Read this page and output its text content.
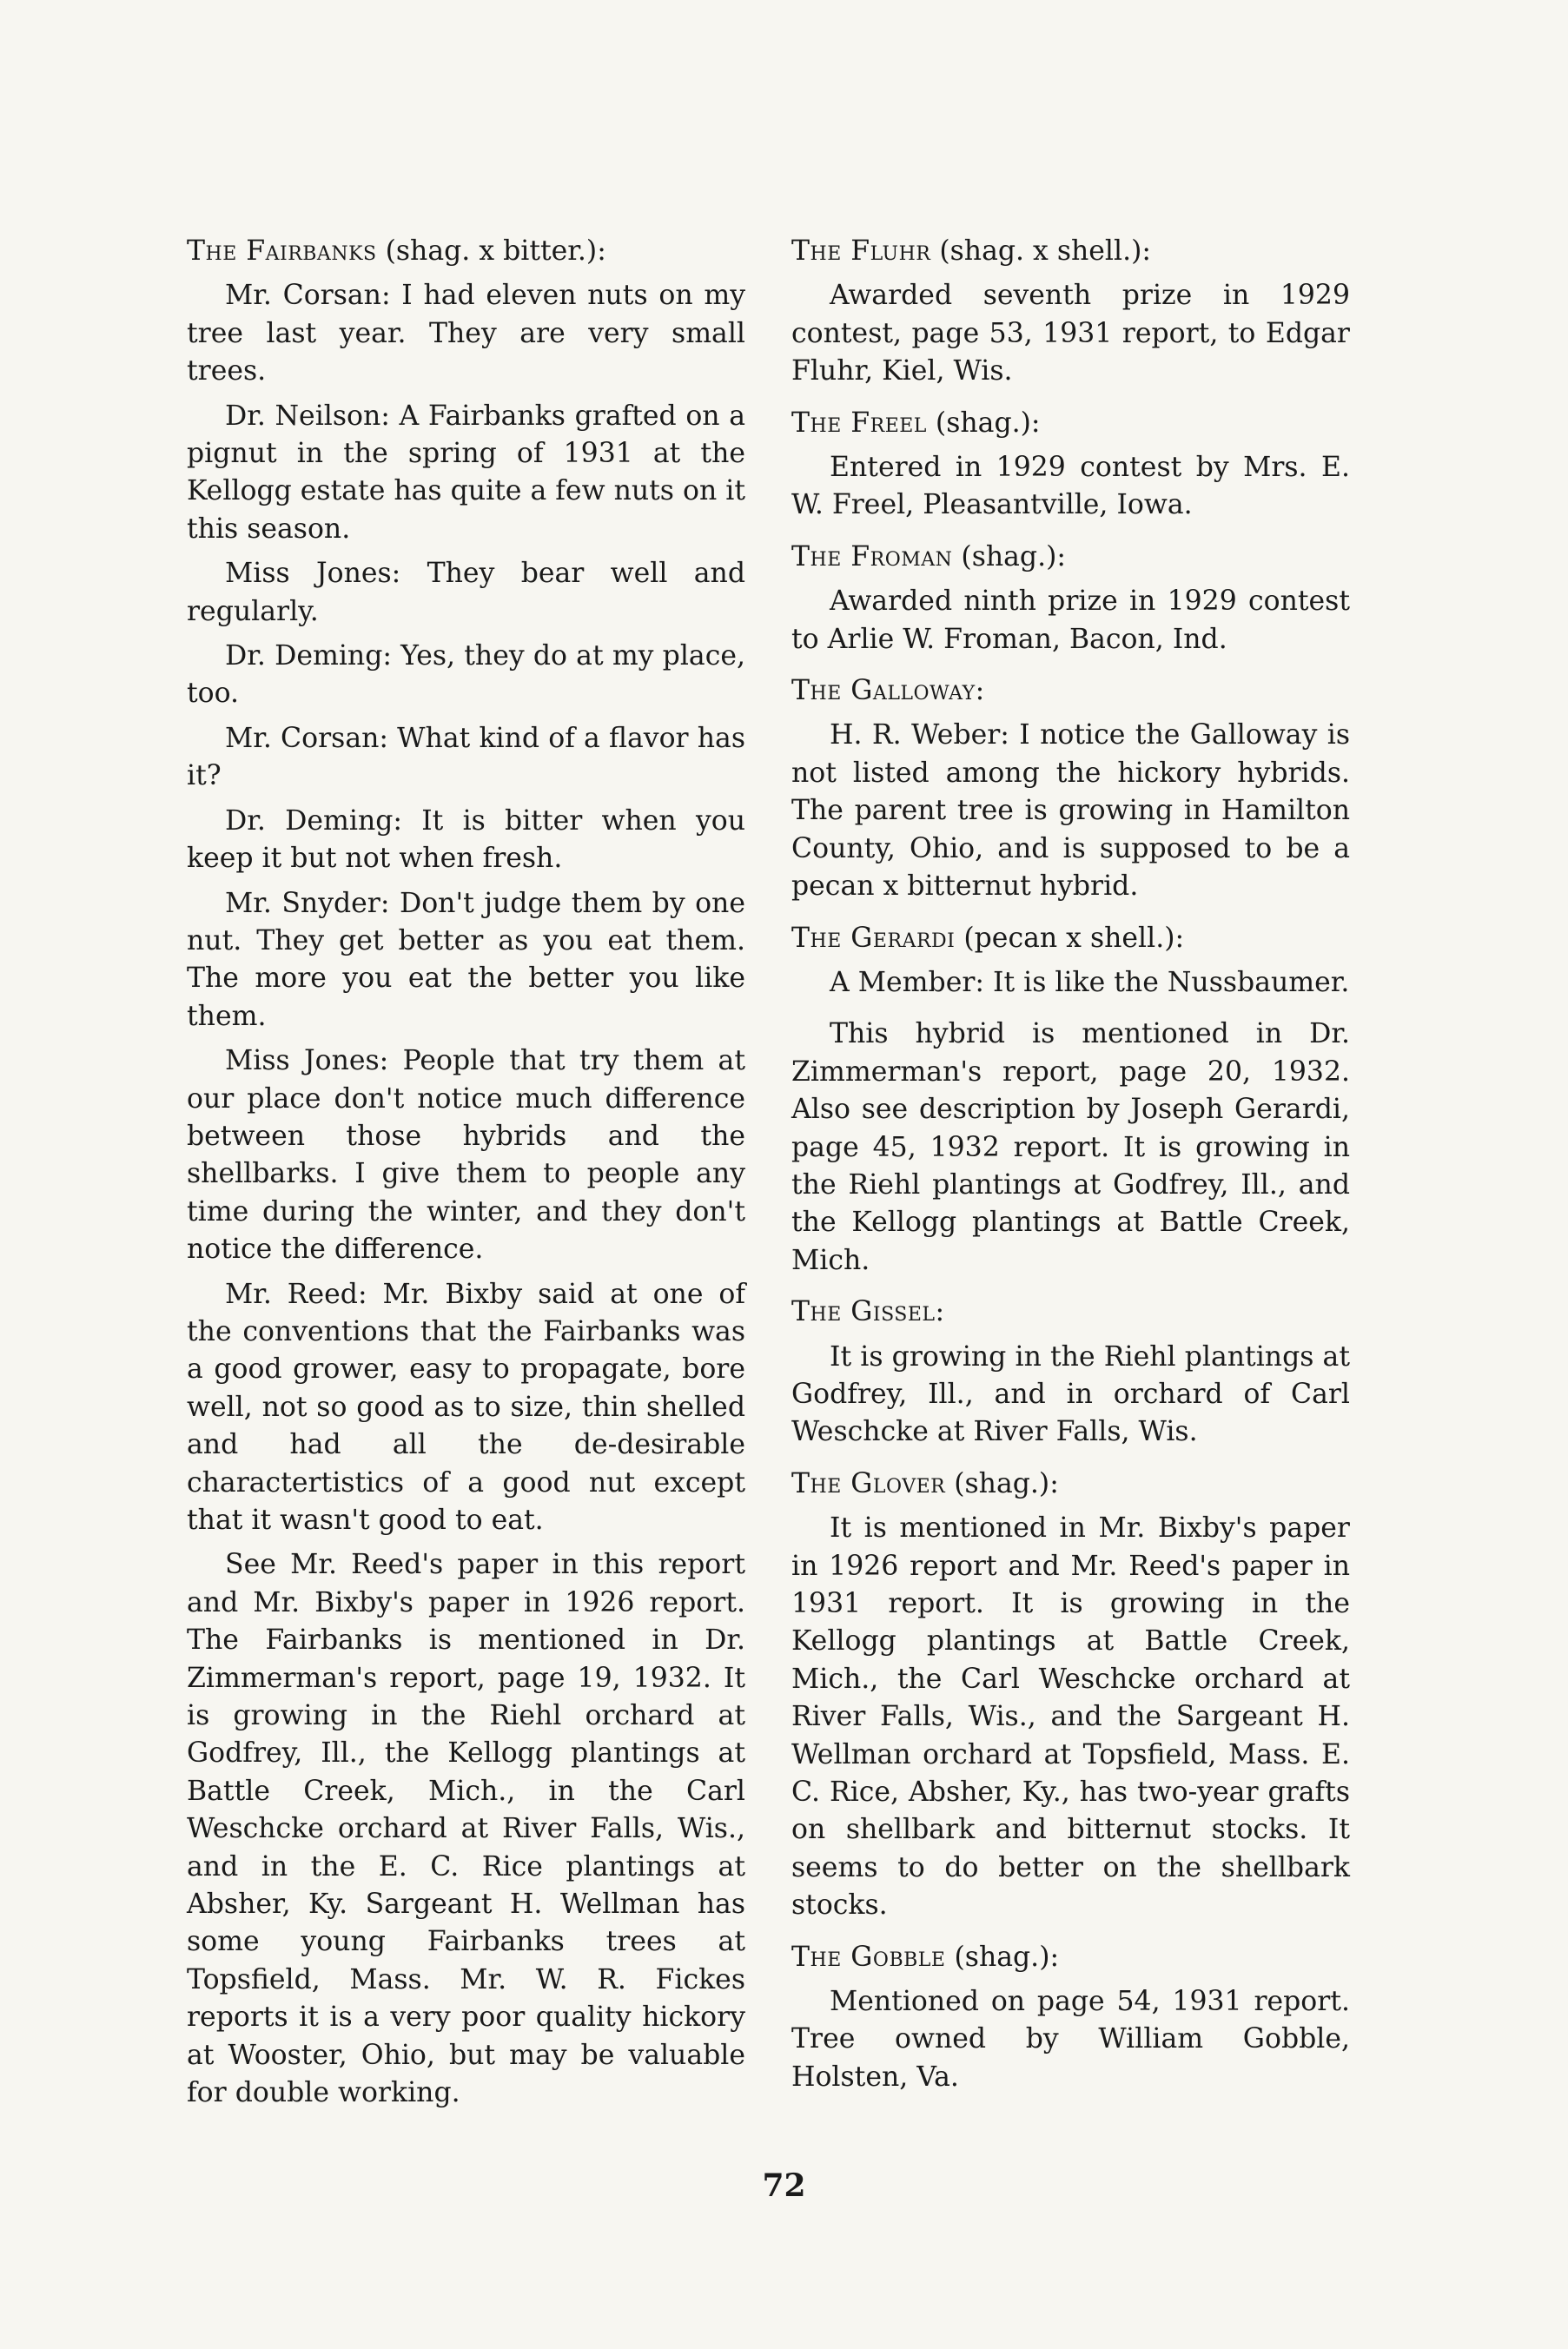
The Fairbanks (shag. x bitter.):

Mr. Corsan: I had eleven nuts on my tree last year. They are very small trees.

Dr. Neilson: A Fairbanks grafted on a pignut in the spring of 1931 at the Kellogg estate has quite a few nuts on it this season.

Miss Jones: They bear well and regularly.

Dr. Deming: Yes, they do at my place, too.

Mr. Corsan: What kind of a flavor has it?

Dr. Deming: It is bitter when you keep it but not when fresh.

Mr. Snyder: Don't judge them by one nut. They get better as you eat them. The more you eat the better you like them.

Miss Jones: People that try them at our place don't notice much difference between those hybrids and the shellbarks. I give them to people any time during the winter, and they don't notice the difference.

Mr. Reed: Mr. Bixby said at one of the conventions that the Fairbanks was a good grower, easy to propagate, bore well, not so good as to size, thin shelled and had all the de-desirable charactertistics of a good nut except that it wasn't good to eat.

See Mr. Reed's paper in this report and Mr. Bixby's paper in 1926 report. The Fairbanks is mentioned in Dr. Zimmerman's report, page 19, 1932. It is growing in the Riehl orchard at Godfrey, Ill., the Kellogg plantings at Battle Creek, Mich., in the Carl Weschcke orchard at River Falls, Wis., and in the E. C. Rice plantings at Absher, Ky. Sargeant H. Wellman has some young Fairbanks trees at Topsfield, Mass. Mr. W. R. Fickes reports it is a very poor quality hickory at Wooster, Ohio, but may be valuable for double working.

The Fluhr (shag. x shell.):

Awarded seventh prize in 1929 contest, page 53, 1931 report, to Edgar Fluhr, Kiel, Wis.

The Freel (shag.):

Entered in 1929 contest by Mrs. E. W. Freel, Pleasantville, Iowa.

The Froman (shag.):

Awarded ninth prize in 1929 contest to Arlie W. Froman, Bacon, Ind.

The Galloway:

H. R. Weber: I notice the Galloway is not listed among the hickory hybrids. The parent tree is growing in Hamilton County, Ohio, and is supposed to be a pecan x bitternut hybrid.

The Gerardi (pecan x shell.):

A Member: It is like the Nussbaumer.

This hybrid is mentioned in Dr. Zimmerman's report, page 20, 1932. Also see description by Joseph Gerardi, page 45, 1932 report. It is growing in the Riehl plantings at Godfrey, Ill., and the Kellogg plantings at Battle Creek, Mich.

The Gissel:

It is growing in the Riehl plantings at Godfrey, Ill., and in orchard of Carl Weschcke at River Falls, Wis.

The Glover (shag.):

It is mentioned in Mr. Bixby's paper in 1926 report and Mr. Reed's paper in 1931 report. It is growing in the Kellogg plantings at Battle Creek, Mich., the Carl Weschcke orchard at River Falls, Wis., and the Sargeant H. Wellman orchard at Topsfield, Mass. E. C. Rice, Absher, Ky., has two-year grafts on shellbark and bitternut stocks. It seems to do better on the shellbark stocks.

The Gobble (shag.):

Mentioned on page 54, 1931 report. Tree owned by William Gobble, Holsten, Va.

72
